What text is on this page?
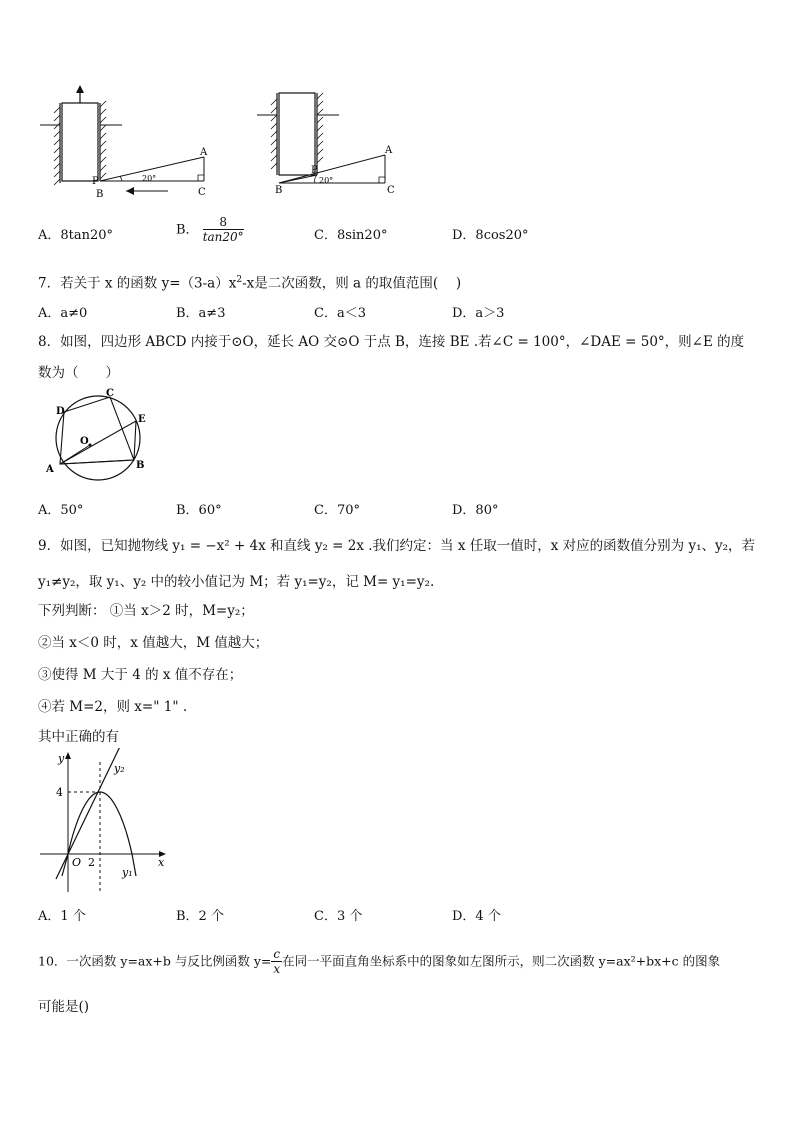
P
B
A
C
20°
P
B
A
C
20°
A．8tan20°	B． $\frac{8}{\tan 20^\circ}$	C．8sin20°	D．8cos20°
7．若关于 x 的函数 $y=(3-a)x^2-x$是二次函数，则 a 的取值范围(　 )
A．a≠0	B．a≠3	C．a＜3	D．a＞3
8．如图，四边形 ABCD 内接于⊙O，延长 AO 交⊙O 于点 B，连接 BE .若∠C = 100°，∠DAE = 50°，则∠E 的度
数为（　　）
D
C
E
B
A
O
A．50°	B．60°	C．70°	D．80°
9．如图，已知抛物线 y₁ = −x² + 4x 和直线 y₂ = 2x .我们约定：当 x 任取一值时，x 对应的函数值分别为 y₁、y₂，若
y₁≠y₂，取 y₁、y₂ 中的较小值记为 M；若 y₁=y₂，记 M= y₁=y₂.
下列判断： ①当 x＞2 时，M=y₂；
②当 x＜0 时，x 值越大，M 值越大；
③使得 M 大于 4 的 x 值不存在；
④若 M=2，则 x=" 1" .
其中正确的有
y
y₂
4
O 2	x
y₁
A．1 个	B．2 个	C．3 个	D．4 个
10．一次函数 y=ax+b 与反比例函数 $y= \frac{c}{x}$ 在同一平面直角坐标系中的图象如左图所示，则二次函数 y=ax²+bx+c 的图象
可能是()
